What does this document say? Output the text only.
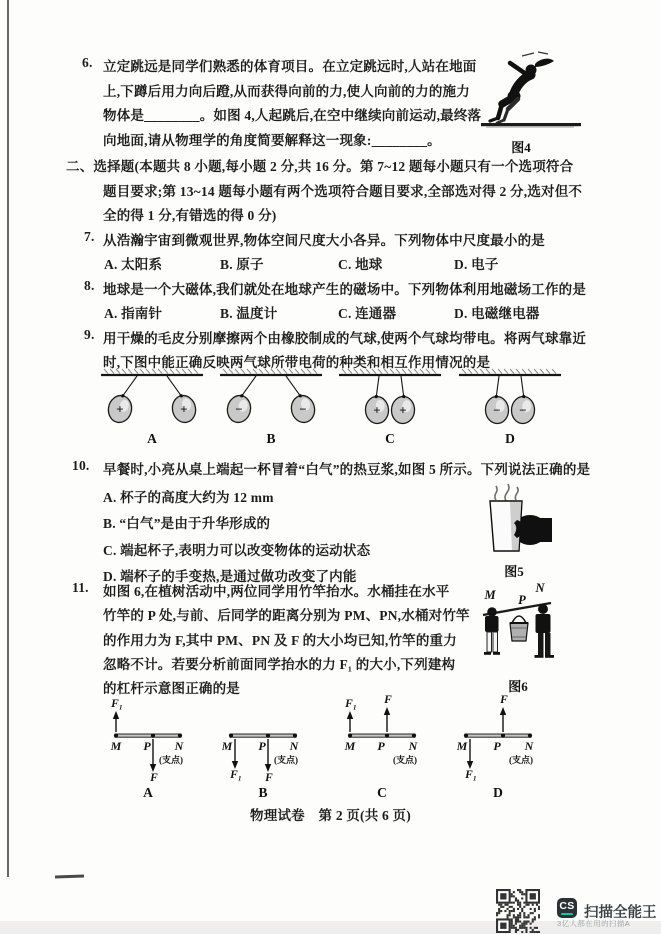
6. 立定跳远是同学们熟悉的体育项目。在立定跳远时,人站在地面
上,下蹲后用力向后蹬,从而获得向前的力,使人向前的力的施力
物体是________。如图 4,人起跳后,在空中继续向前运动,最终落
向地面,请从物理学的角度简要解释这一现象:________。	图4
二、选择题(本题共 8 小题,每小题 2 分,共 16 分。第 7~12 题每小题只有一个选项符合
题目要求;第 13~14 题每小题有两个选项符合题目要求,全部选对得 2 分,选对但不
全的得 1 分,有错选的得 0 分)
7. 从浩瀚宇宙到微观世界,物体空间尺度大小各异。下列物体中尺度最小的是
A. 太阳系	B. 原子	C. 地球	D. 电子
8. 地球是一个大磁体,我们就处在地球产生的磁场中。下列物体利用地磁场工作的是
A. 指南针	B. 温度计	C. 连通器	D. 电磁继电器
9. 用干燥的毛皮分别摩擦两个由橡胶制成的气球,使两个气球均带电。将两气球靠近
时,下图中能正确反映两气球所带电荷的种类和相互作用情况的是
+	+
A
−	−
B
+ +
C
− −
D
10. 早餐时,小亮从桌上端起一杯冒着“白气”的热豆浆,如图 5 所示。下列说法正确的是
A. 杯子的高度大约为 12 mm
B. “白气”是由于升华形成的
C. 端起杯子,表明力可以改变物体的运动状态
D. 端杯子的手变热,是通过做功改变了内能	图5
11. 如图 6,在植树活动中,两位同学用竹竿抬水。水桶挂在水平
竹竿的 P 处,与前、后同学的距离分别为 PM、PN,水桶对竹竿
的作用力为 F,其中 PM、PN 及 F 的大小均已知,竹竿的重力
忽略不计。若要分析前面同学抬水的力 F₁ 的大小,下列建构
的杠杆示意图正确的是
M P
N
图6
M P N
(支点)
F₁
F
A
M P N
(支点)
F₁ F
B
M P N
(支点)
F₁ F
C
M P N
(支点)
F₁
F
D
物理试卷　第 2 页(共 6 页)
CS 扫描全能王
3亿人都在用的扫描A
